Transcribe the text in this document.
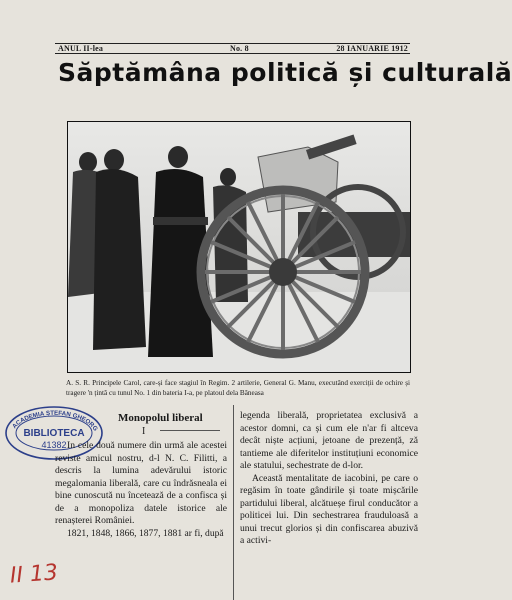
ANUL II-lea	No. 8	28 IANUARIE 1912
Săptămâna politică și culturală
A. S. R. Principele Carol, care-și face stagiul în Regim. 2 artilerie, General G. Manu, executând exerciții de ochire și tragere 'n țintă cu tunul No. 1 din bateria I-a, pe platoul dela Băneasa
ACADEMIA ȘTEFAN GHEORG
BIBLIOTECA
41382
Monopolul liberal
I

In cele două numere din urmă ale acestei reviste amicul nostru, d-l N. C. Filitti, a descris la lumina adevărului istoric megalomania liberală, care cu îndrăsneala ei bine cunoscută nu încetează de a confisca și de a monopoliza datele istorice ale renașterei României.

1821, 1848, 1866, 1877, 1881 ar fi, după

legenda liberală, proprietatea exclusivă a acestor domni, ca și cum ele n'ar fi altceva decât niște acțiuni, jetoane de prezență, ză tantieme ale diferitelor instituțiuni economice ale statului, sechestrate de d-lor.

Această mentalitate de iacobini, pe care o regăsim în toate gândirile și toate mișcările partidului liberal, alcătueșe firul conducător a politicei lui. Din sechestrarea frauduloasă a unui trecut glorios și din confiscarea abuzivă a activi-

II 13
